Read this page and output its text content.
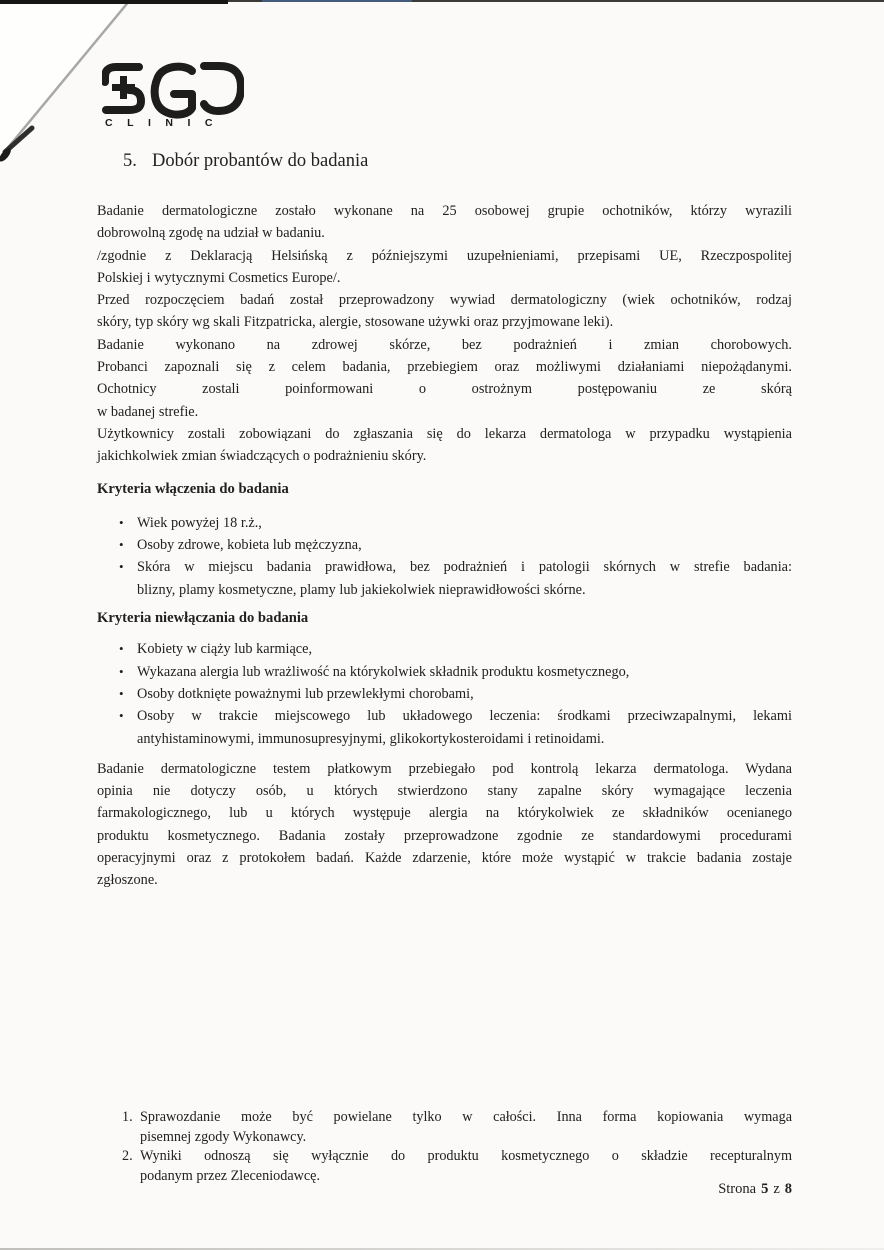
CLINIC
5. Dobór probantów do badania
Badanie dermatologiczne zostało wykonane na 25 osobowej grupie ochotników, którzy wyrazili
dobrowolną zgodę na udział w badaniu.
/zgodnie z Deklaracją Helsińską z późniejszymi uzupełnieniami, przepisami UE, Rzeczpospolitej
Polskiej i wytycznymi Cosmetics Europe/.
Przed rozpoczęciem badań został przeprowadzony wywiad dermatologiczny (wiek ochotników, rodzaj
skóry, typ skóry wg skali Fitzpatricka, alergie, stosowane używki oraz przyjmowane leki).
Badanie wykonano na zdrowej skórze, bez podrażnień i zmian chorobowych.
Probanci zapoznali się z celem badania, przebiegiem oraz możliwymi działaniami niepożądanymi.
Ochotnicy zostali poinformowani o ostrożnym postępowaniu ze skórą
w badanej strefie.
Użytkownicy zostali zobowiązani do zgłaszania się do lekarza dermatologa w przypadku wystąpienia
jakichkolwiek zmian świadczących o podrażnieniu skóry.
Kryteria włączenia do badania
• Wiek powyżej 18 r.ż.,
• Osoby zdrowe, kobieta lub mężczyzna,
• Skóra w miejscu badania prawidłowa, bez podrażnień i patologii skórnych w strefie badania:
blizny, plamy kosmetyczne, plamy lub jakiekolwiek nieprawidłowości skórne.
Kryteria niewłączania do badania
• Kobiety w ciąży lub karmiące,
• Wykazana alergia lub wrażliwość na którykolwiek składnik produktu kosmetycznego,
• Osoby dotknięte poważnymi lub przewlekłymi chorobami,
• Osoby w trakcie miejscowego lub układowego leczenia: środkami przeciwzapalnymi, lekami
antyhistaminowymi, immunosupresyjnymi, glikokortykosteroidami i retinoidami.
Badanie dermatologiczne testem płatkowym przebiegało pod kontrolą lekarza dermatologa. Wydana
opinia nie dotyczy osób, u których stwierdzono stany zapalne skóry wymagające leczenia
farmakologicznego, lub u których występuje alergia na którykolwiek ze składników ocenianego
produktu kosmetycznego. Badania zostały przeprowadzone zgodnie ze standardowymi procedurami
operacyjnymi oraz z protokołem badań. Każde zdarzenie, które może wystąpić w trakcie badania zostaje
zgłoszone.
1. Sprawozdanie może być powielane tylko w całości. Inna forma kopiowania wymaga
pisemnej zgody Wykonawcy.
2. Wyniki odnoszą się wyłącznie do produktu kosmetycznego o składzie recepturalnym
podanym przez Zleceniodawcę.
Strona 5 z 8
